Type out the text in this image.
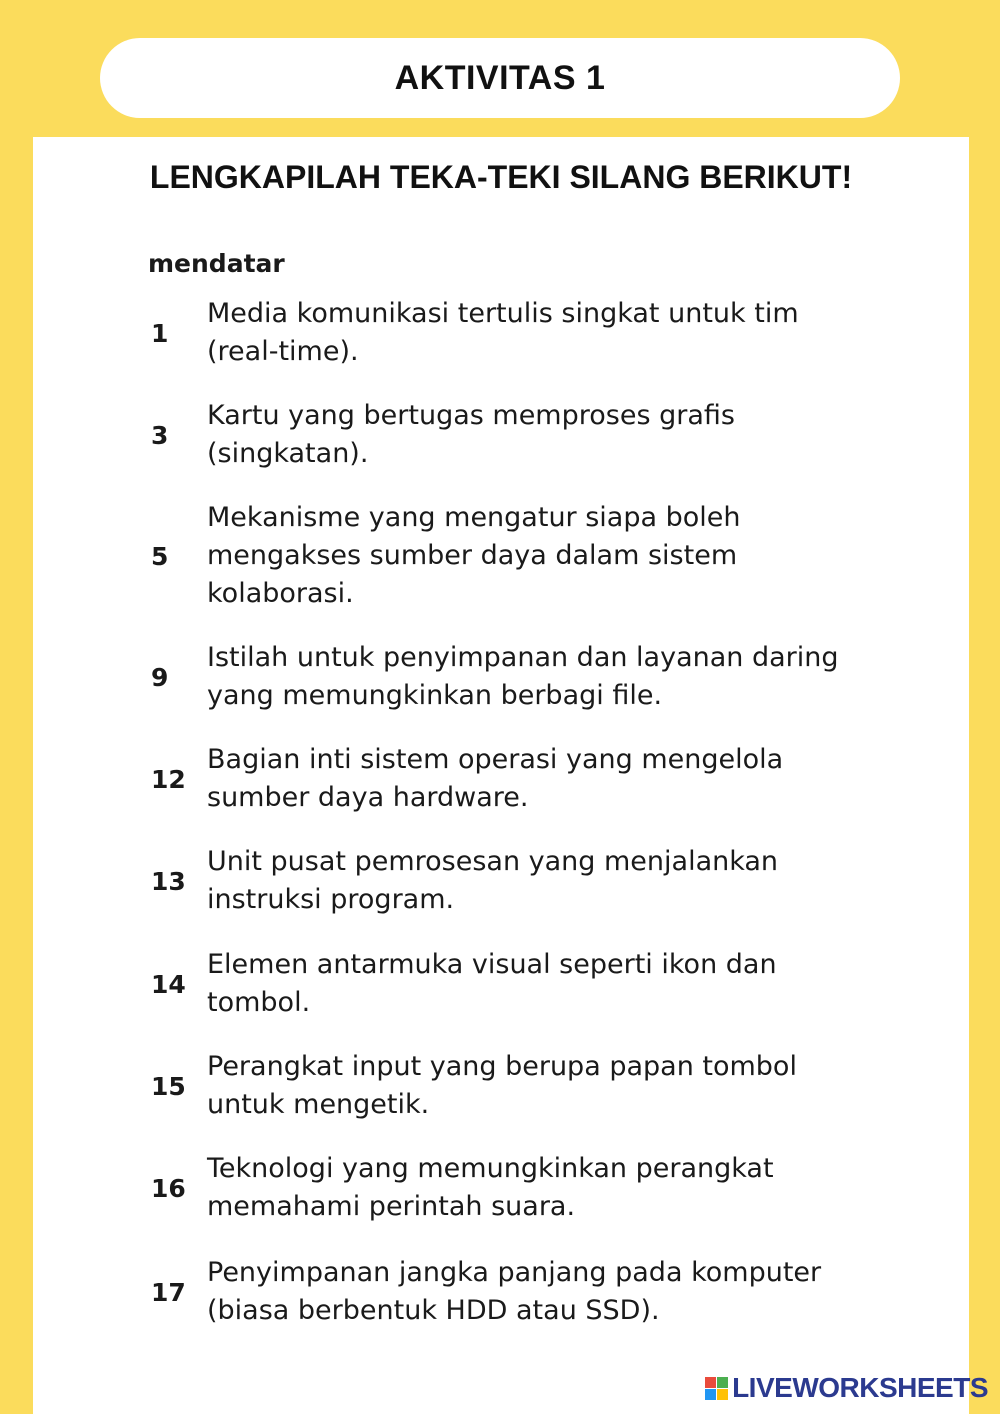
AKTIVITAS 1
LENGKAPILAH TEKA-TEKI SILANG BERIKUT!
mendatar
1
Media komunikasi tertulis singkat untuk tim (real-time).
3
Kartu yang bertugas memproses grafis (singkatan).
5
Mekanisme yang mengatur siapa boleh mengakses sumber daya dalam sistem kolaborasi.
9
Istilah untuk penyimpanan dan layanan daring yang memungkinkan berbagi file.
12
Bagian inti sistem operasi yang mengelola sumber daya hardware.
13
Unit pusat pemrosesan yang menjalankan instruksi program.
14
Elemen antarmuka visual seperti ikon dan tombol.
15
Perangkat input yang berupa papan tombol untuk mengetik.
16
Teknologi yang memungkinkan perangkat memahami perintah suara.
17
Penyimpanan jangka panjang pada komputer (biasa berbentuk HDD atau SSD).
LIVEWORKSHEETS
